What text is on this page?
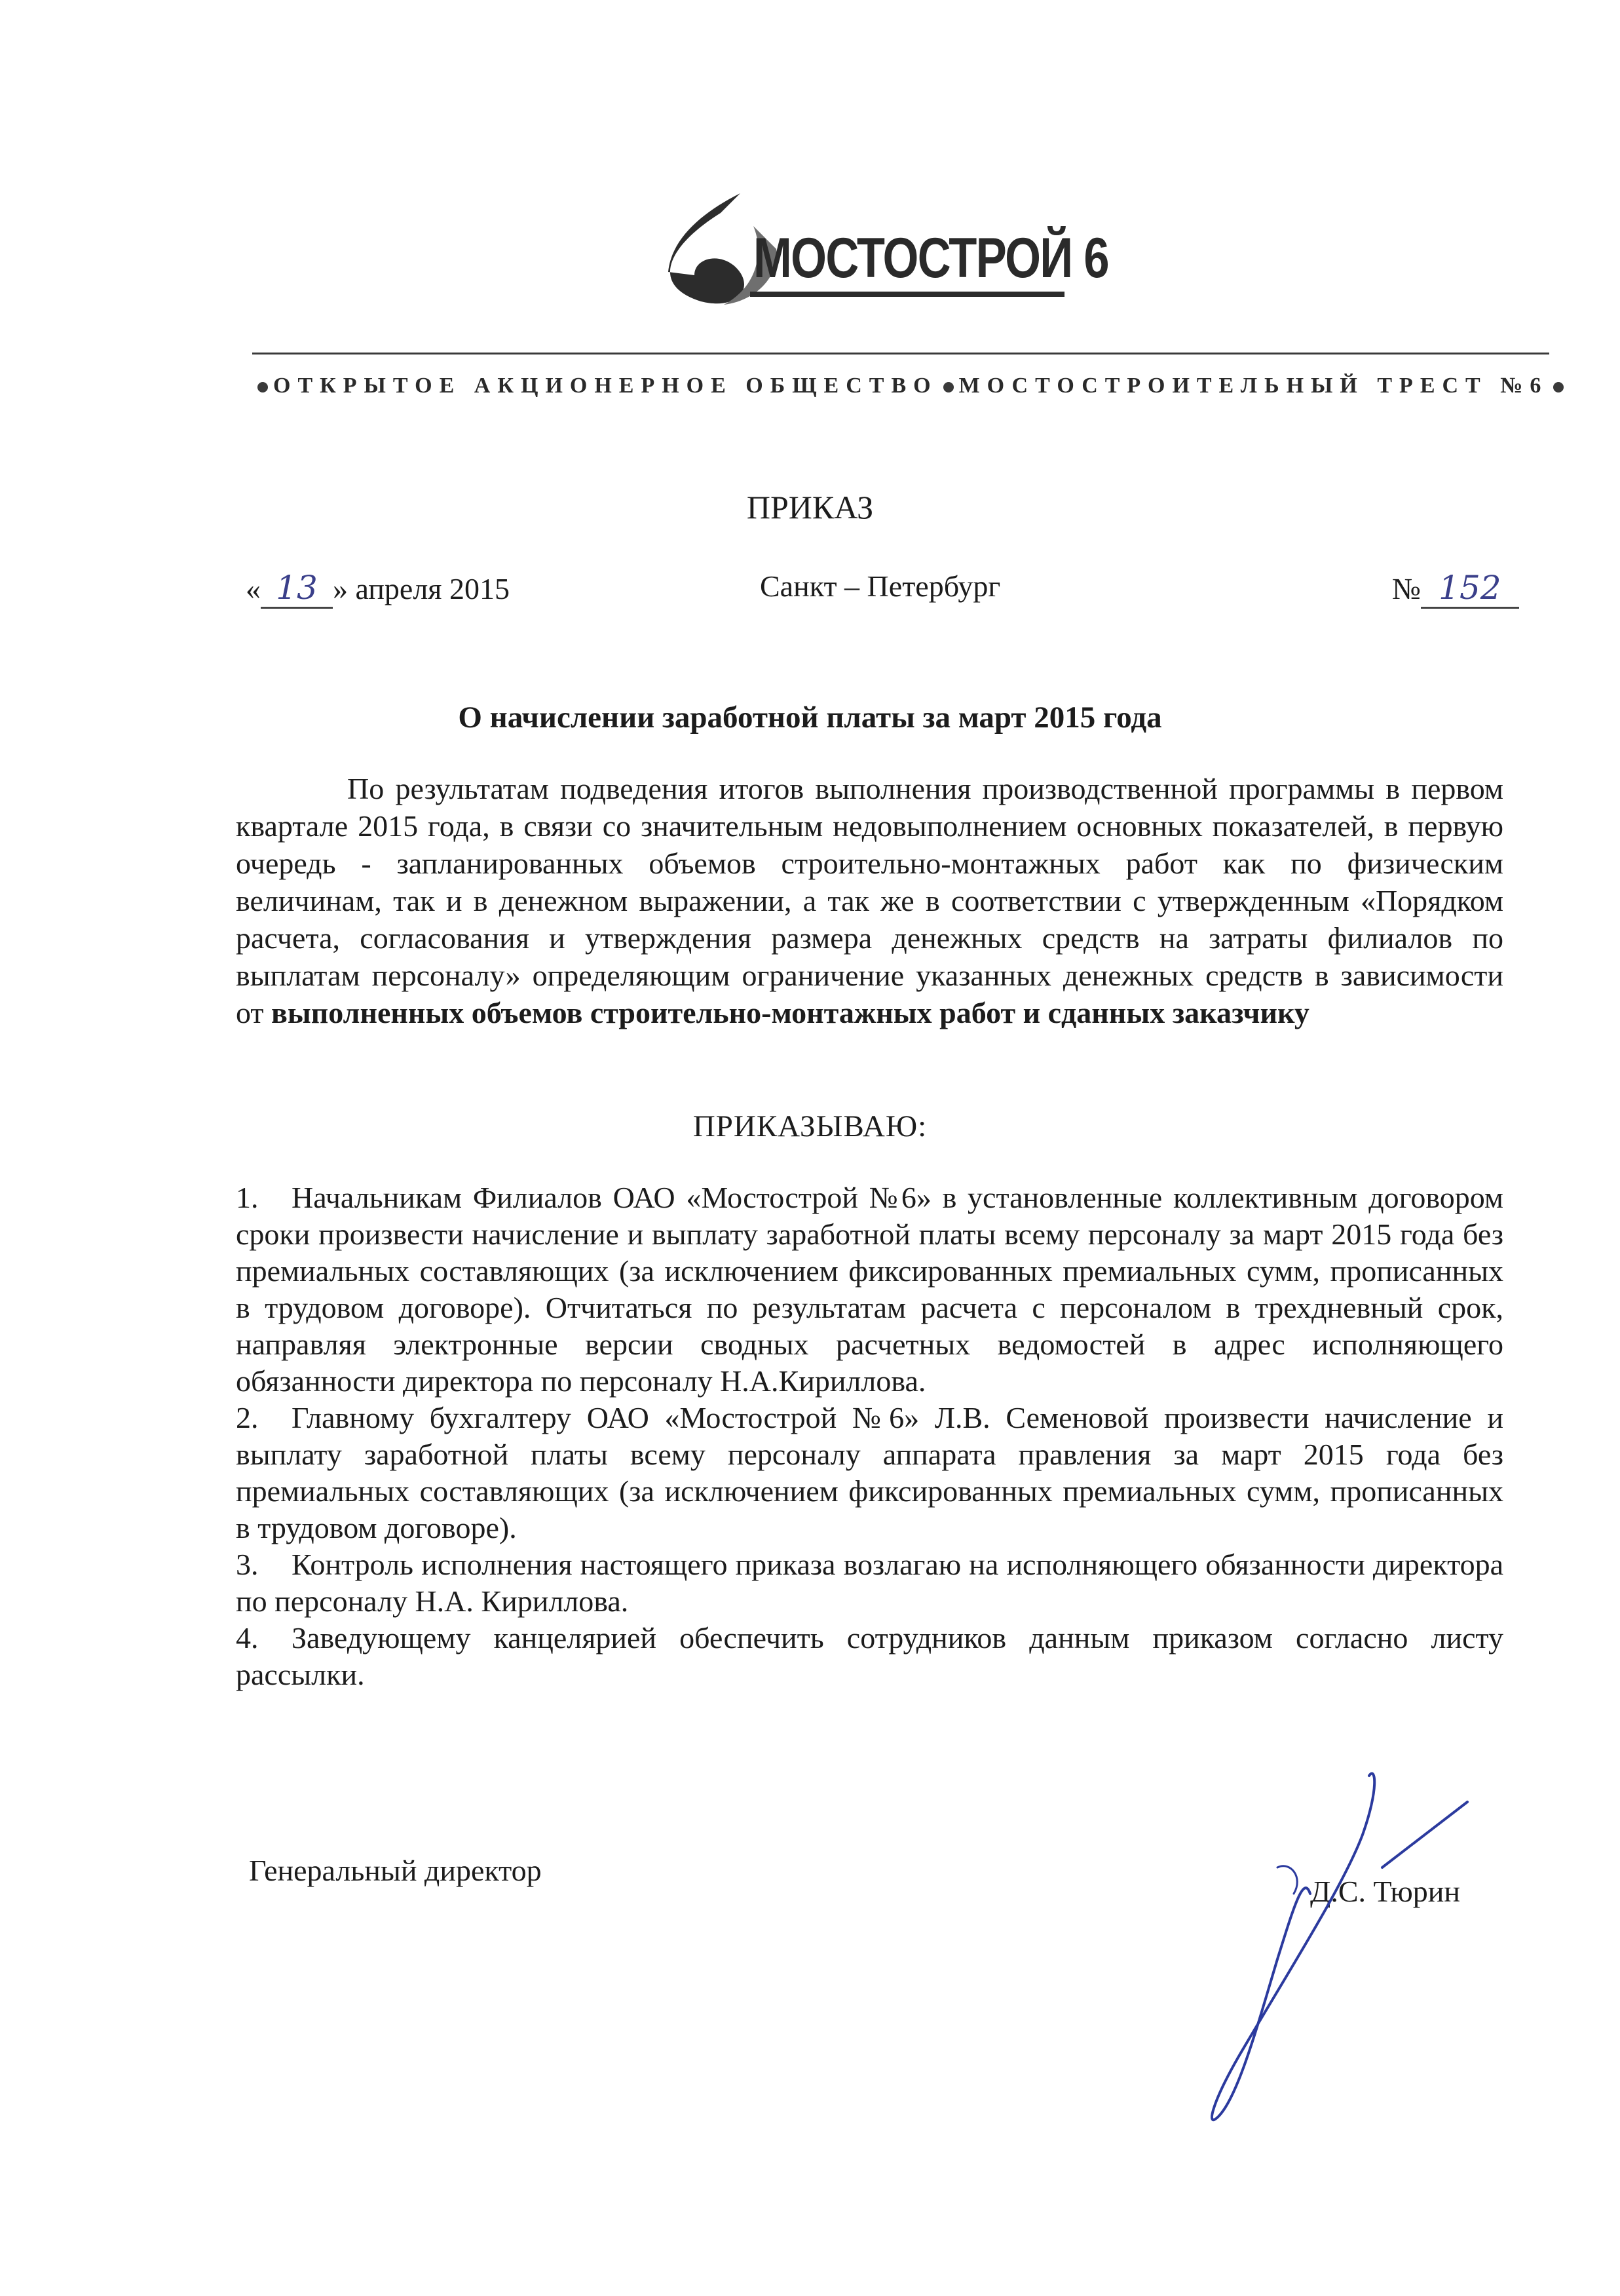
МОСТОСТРОЙ 6
ОТКРЫТОЕ АКЦИОНЕРНОЕ ОБЩЕСТВО МОСТОСТРОИТЕЛЬНЫЙ ТРЕСТ №6
ПРИКАЗ
« 13 » апреля 2015	Санкт – Петербург	№ 152
О начислении заработной платы за март 2015 года

По результатам подведения итогов выполнения производственной программы в первом квартале 2015 года, в связи со значительным недовыполнением основных показателей, в первую очередь - запланированных объемов строительно-монтажных работ как по физическим величинам, так и в денежном выражении, а так же в соответствии с утвержденным «Порядком расчета, согласования и утверждения размера денежных средств на затраты филиалов по выплатам персоналу» определяющим ограничение указанных денежных средств в зависимости от выполненных объемов строительно-монтажных работ и сданных заказчику

ПРИКАЗЫВАЮ:

1. Начальникам Филиалов ОАО «Мостострой №6» в установленные коллективным договором сроки произвести начисление и выплату заработной платы всему персоналу за март 2015 года без премиальных составляющих (за исключением фиксированных премиальных сумм, прописанных в трудовом договоре). Отчитаться по результатам расчета с персоналом в трехдневный срок, направляя электронные версии сводных расчетных ведомостей в адрес исполняющего обязанности директора по персоналу Н.А.Кириллова.

2. Главному бухгалтеру ОАО «Мостострой №6» Л.В. Семеновой произвести начисление и выплату заработной платы всему персоналу аппарата правления за март 2015 года без премиальных составляющих (за исключением фиксированных премиальных сумм, прописанных в трудовом договоре).

3. Контроль исполнения настоящего приказа возлагаю на исполняющего обязанности директора по персоналу Н.А. Кириллова.

4. Заведующему канцелярией обеспечить сотрудников данным приказом согласно листу рассылки.

Генеральный директор
Д.С. Тюрин
